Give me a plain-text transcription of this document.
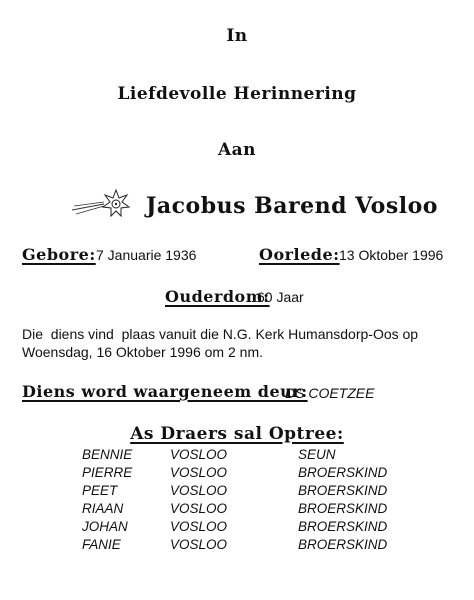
In
Liefdevolle Herinnering
Aan
Jacobus Barend Vosloo
Gebore: 7 Januarie 1936	Oorlede: 13 Oktober 1996
Ouderdom:
60 Jaar
Die  diens vind  plaas vanuit die N.G. Kerk Humansdorp-Oos op
Woensdag, 16 Oktober 1996 om 2 nm.
Diens word waargeneem deur:
DS COETZEE
As Draers sal Optree:
BENNIE	VOSLOO	SEUN
PIERRE	VOSLOO	BROERSKIND
PEET	VOSLOO	BROERSKIND
RIAAN	VOSLOO	BROERSKIND
JOHAN	VOSLOO	BROERSKIND
FANIE	VOSLOO	BROERSKIND
